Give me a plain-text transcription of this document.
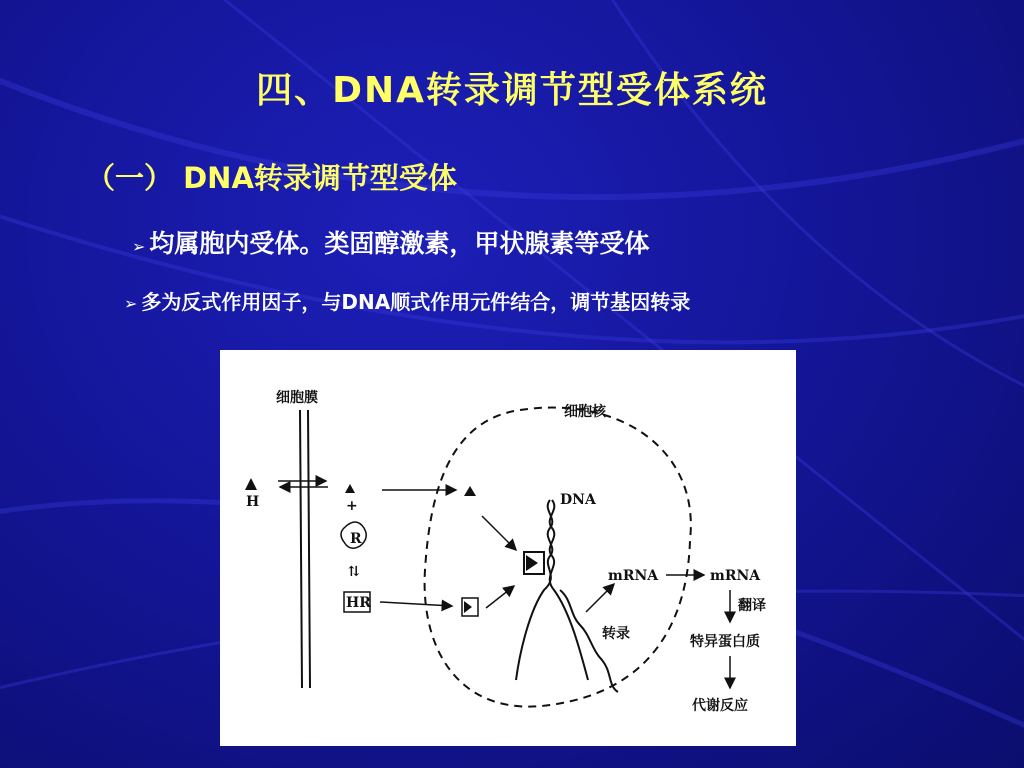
四、DNA转录调节型受体系统
（一） DNA转录调节型受体
➢ 均属胞内受体。类固醇激素，甲状腺素等受体
➢ 多为反式作用因子，与DNA顺式作用元件结合，调节基因转录
细胞膜
细胞核
H	+
R
⇅
HR
DNA
转录
mRNA	mRNA
翻译
特异蛋白质
代谢反应
